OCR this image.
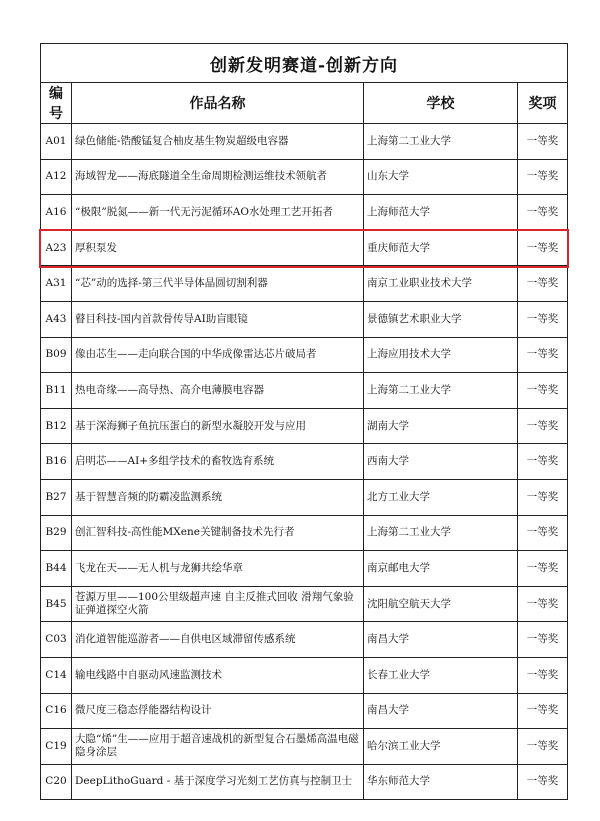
创新发明赛道-创新方向			
编号	作品名称	学校	奖项
A01	绿色储能-锆酸锰复合柚皮基生物炭超级电容器	上海第二工业大学	一等奖
A12	海域智龙——海底隧道全生命周期检测运维技术领航者	山东大学	一等奖
A16	“极限”脱氮——新一代无污泥循环AO水处理工艺开拓者	上海师范大学	一等奖
A23	厚积泵发	重庆师范大学	一等奖
A31	“芯”动的选择-第三代半导体晶圆切割利器	南京工业职业技术大学	一等奖
A43	瞽目科技-国内首款骨传导AI助盲眼镜	景德镇艺术职业大学	一等奖
B09	像由芯生——走向联合国的中华成像雷达芯片破局者	上海应用技术大学	一等奖
B11	热电奇缘——高导热、高介电薄膜电容器	上海第二工业大学	一等奖
B12	基于深海狮子鱼抗压蛋白的新型水凝胶开发与应用	湖南大学	一等奖
B16	启明芯——AI+多组学技术的畜牧选育系统	西南大学	一等奖
B27	基于智慧音频的防霸凌监测系统	北方工业大学	一等奖
B29	创汇智科技-高性能MXene关键制备技术先行者	上海第二工业大学	一等奖
B44	飞龙在天——无人机与龙狮共绘华章	南京邮电大学	一等奖
B45	苍源万里——100公里级超声速 自主反推式回收 滑翔气象验证弹道探空火箭	沈阳航空航天大学	一等奖
C03	消化道智能巡游者——自供电区域滞留传感系统	南昌大学	一等奖
C14	输电线路中自驱动风速监测技术	长春工业大学	一等奖
C16	微尺度三稳态俘能器结构设计	南昌大学	一等奖
C19	大隐“烯”生——应用于超音速战机的新型复合石墨烯高温电磁隐身涂层	哈尔滨工业大学	一等奖
C20	DeepLithoGuard - 基于深度学习光刻工艺仿真与控制卫士	华东师范大学	一等奖
